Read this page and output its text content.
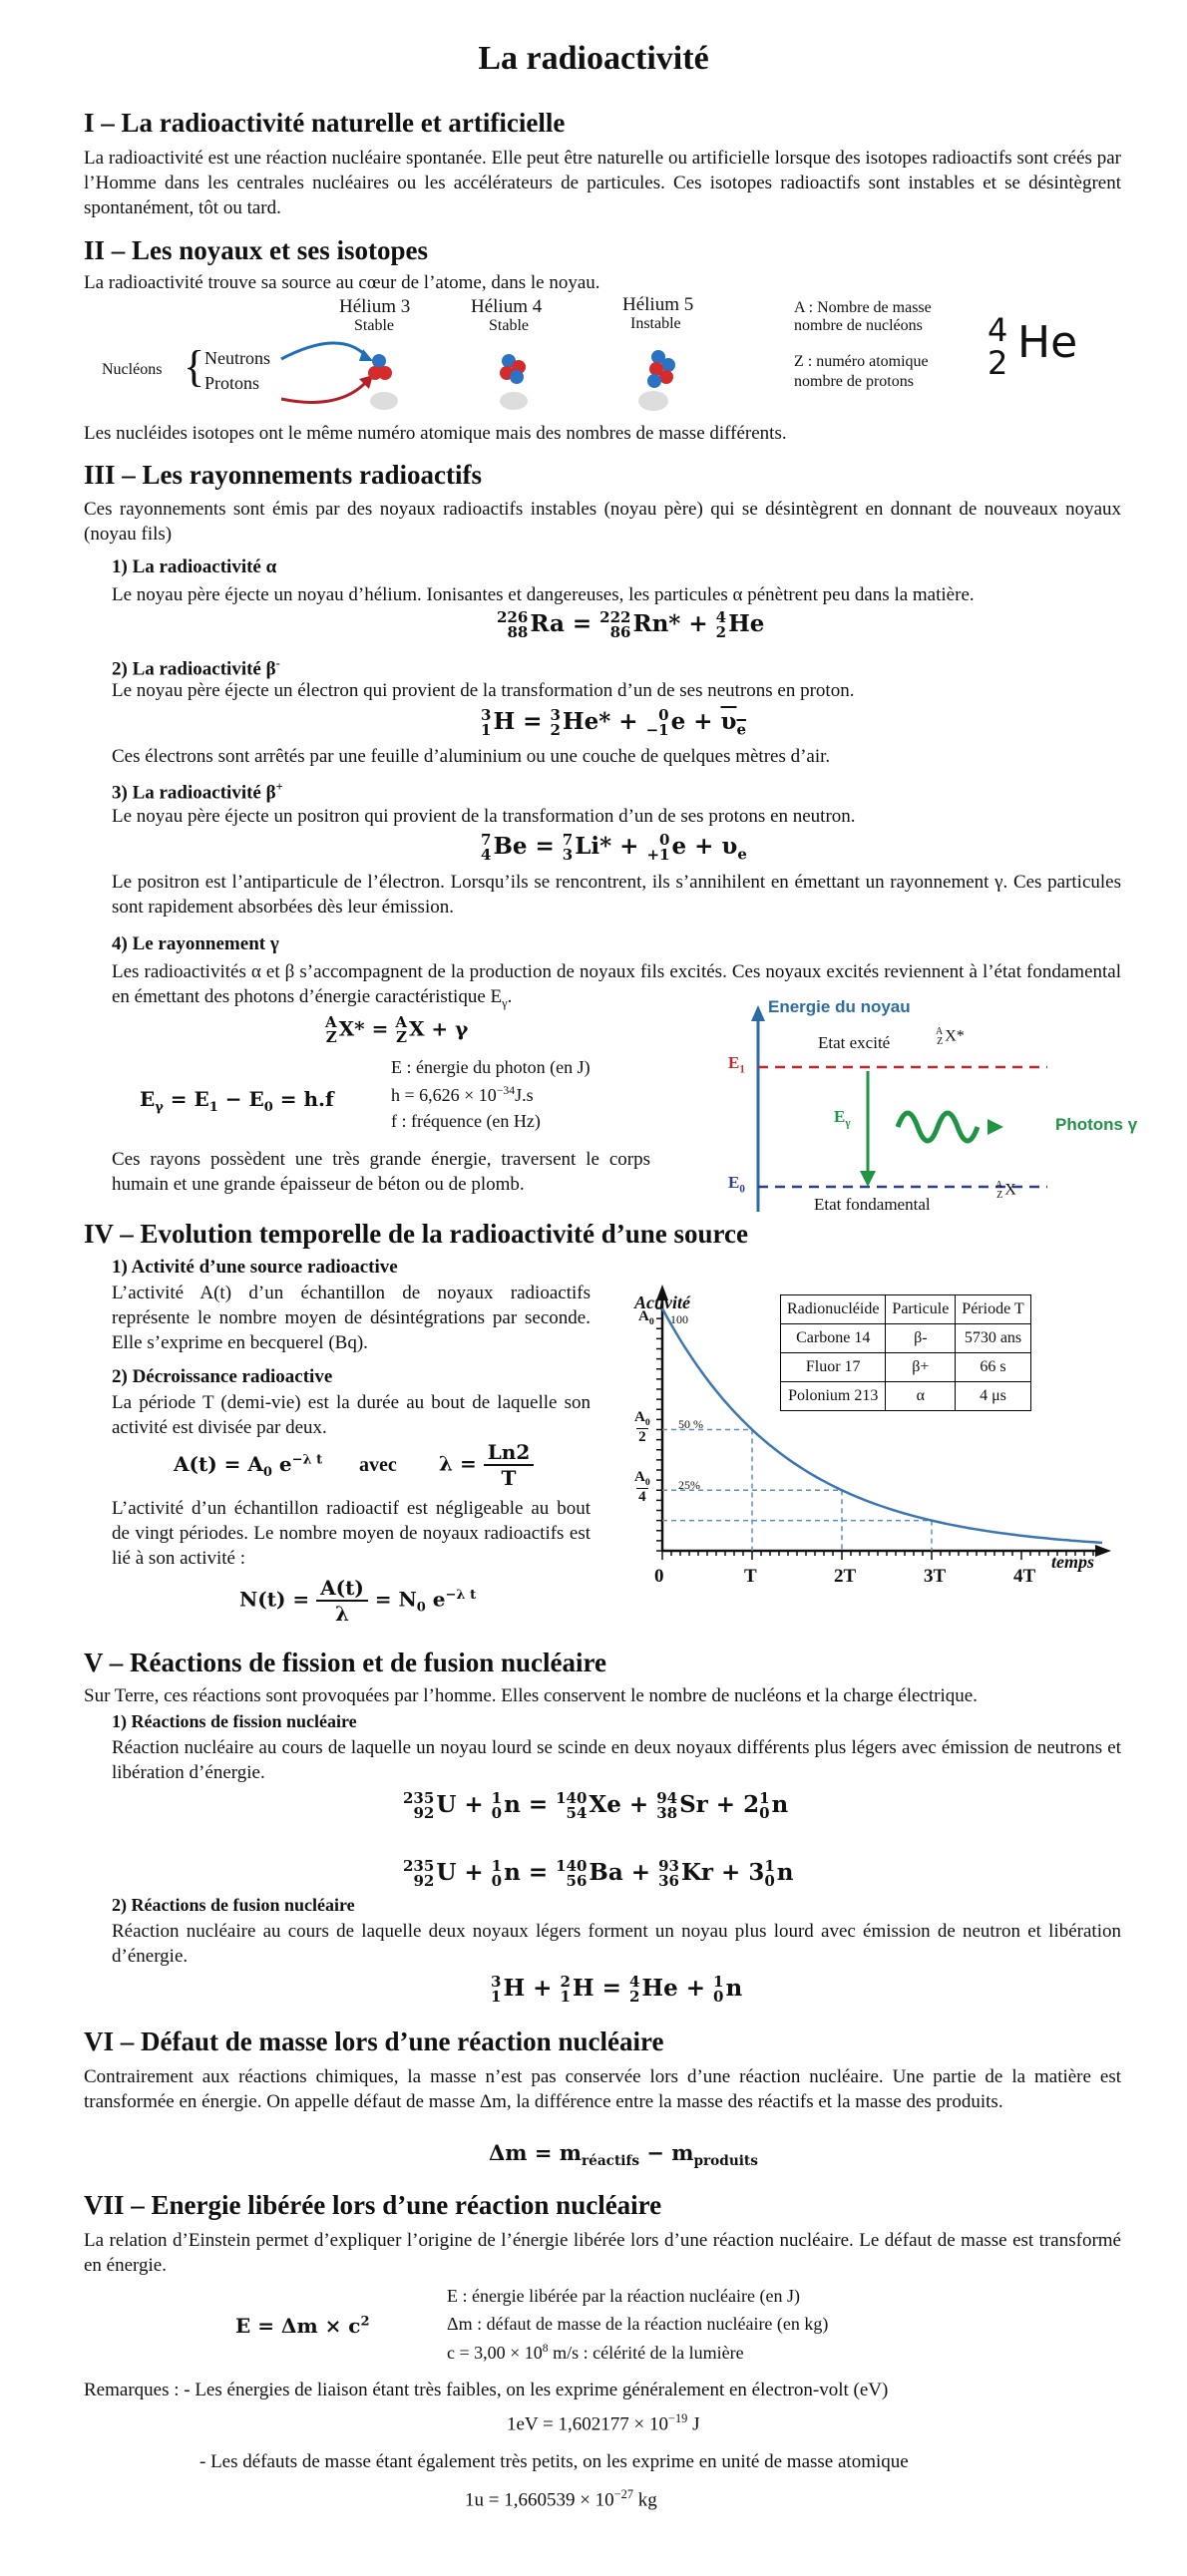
La radioactivité
I – La radioactivité naturelle et artificielle
La radioactivité est une réaction nucléaire spontanée. Elle peut être naturelle ou artificielle lorsque des isotopes radioactifs sont créés par l’Homme dans les centrales nucléaires ou les accélérateurs de particules. Ces isotopes radioactifs sont instables et se désintègrent spontanément, tôt ou tard.
II – Les noyaux et ses isotopes
La radioactivité trouve sa source au cœur de l’atome, dans le noyau.
Hélium 3
Stable
Hélium 4
Stable
Hélium 5
Instable
Nucléons { Neutrons
Protons
A : Nombre de masse
nombre de nucléons
Z : numéro atomique
nombre de protons
4
2 He
Les nucléides isotopes ont le même numéro atomique mais des nombres de masse différents.
III – Les rayonnements radioactifs
Ces rayonnements sont émis par des noyaux radioactifs instables (noyau père) qui se désintègrent en donnant de nouveaux noyaux (noyau fils)
1) La radioactivité α
Le noyau père éjecte un noyau d’hélium. Ionisantes et dangereuses, les particules α pénètrent peu dans la matière.
226
88 Ra = 222
86 Rn* + 4
2 He
2) La radioactivité β-
Le noyau père éjecte un électron qui provient de la transformation d’un de ses neutrons en proton.
3
1 H = 3
2 He* + 0
−1 $e + \upsilon_e$
Ces électrons sont arrêtés par une feuille d’aluminium ou une couche de quelques mètres d’air.
3) La radioactivité β+
Le noyau père éjecte un positron qui provient de la transformation d’un de ses protons en neutron.
7
4 Be = 7
3 Li* + 0
+1 $e + \upsilon_e$
Le positron est l’antiparticule de l’électron. Lorsqu’ils se rencontrent, ils s’annihilent en émettant un rayonnement γ. Ces particules sont rapidement absorbées dès leur émission.
4) Le rayonnement γ
Les radioactivités α et β s’accompagnent de la production de noyaux fils excités. Ces noyaux excités reviennent à l’état fondamental en émettant des photons d’énergie caractéristique $E_\gamma$.
A
Z X* = A
Z X + γ
$E_\gamma = E_1 - E_0 = h.f$
E : énergie du photon (en J)
$h = 6,626 \times 10^{-34}J.s$
f : fréquence (en Hz)
Ces rayons possèdent une très grande énergie, traversent le corps humain et une grande épaisseur de béton ou de plomb.
Energie du noyau
Etat excité
A
Z X*
$E_1$
$E_\gamma$	Photons γ
$E_0$
Etat fondamental
A
Z X
IV – Evolution temporelle de la radioactivité d’une source
1) Activité d’une source radioactive
L’activité A(t) d’un échantillon de noyaux radioactifs représente le nombre moyen de désintégrations par seconde. Elle s’exprime en becquerel (Bq).
2) Décroissance radioactive
La période T (demi-vie) est la durée au bout de laquelle son activité est divisée par deux.
$A(t) = A_0$ $e^{-\lambda t}$ avec $\lambda = \frac{Ln2}{T}$
L’activité d’un échantillon radioactif est négligeable au bout de vingt périodes. Le nombre moyen de noyaux radioactifs est lié à son activité :
$N(t) = \frac{A(t)}{\lambda} = N_0$ $e^{-\lambda t}$
Activité
$A_0$ 100
$A_0$
2
50 %
$A_0$
4
25%
0	T	2T	3T	4T
temps
Radionucléide	Particule	Période T
Carbone 14	β-	5730 ans
Fluor 17	β+	66 s
Polonium 213	α	4 μs
V – Réactions de fission et de fusion nucléaire
Sur Terre, ces réactions sont provoquées par l’homme. Elles conservent le nombre de nucléons et la charge électrique.
1) Réactions de fission nucléaire
Réaction nucléaire au cours de laquelle un noyau lourd se scinde en deux noyaux différents plus légers avec émission de neutrons et libération d’énergie.
235
92 U + 1
0 n = 140
54 Xe + 94
38 Sr + 2 1
0 n
235
92 U + 1
0 n = 140
56 Ba + 93
36 Kr + 3 1
0 n
2) Réactions de fusion nucléaire
Réaction nucléaire au cours de laquelle deux noyaux légers forment un noyau plus lourd avec émission de neutron et libération d’énergie.
3
1 H + 2
1 H = 4
2 He + 1
0 n
VI – Défaut de masse lors d’une réaction nucléaire
Contrairement aux réactions chimiques, la masse n’est pas conservée lors d’une réaction nucléaire. Une partie de la matière est transformée en énergie. On appelle défaut de masse Δm, la différence entre la masse des réactifs et la masse des produits.
$\Delta m = m_{réactifs} - m_{produits}$
VII – Energie libérée lors d’une réaction nucléaire
La relation d’Einstein permet d’expliquer l’origine de l’énergie libérée lors d’une réaction nucléaire. Le défaut de masse est transformé en énergie.
$E = \Delta m \times c^2$
E : énergie libérée par la réaction nucléaire (en J)
Δm : défaut de masse de la réaction nucléaire (en kg)
$c = 3,00 \times 10^8$ m/s : célérité de la lumière
Remarques : - Les énergies de liaison étant très faibles, on les exprime généralement en électron-volt (eV)
$1eV = 1,602177 \times 10^{-19}$ J
- Les défauts de masse étant également très petits, on les exprime en unité de masse atomique
$1u = 1,660539 \times 10^{-27}$ kg
